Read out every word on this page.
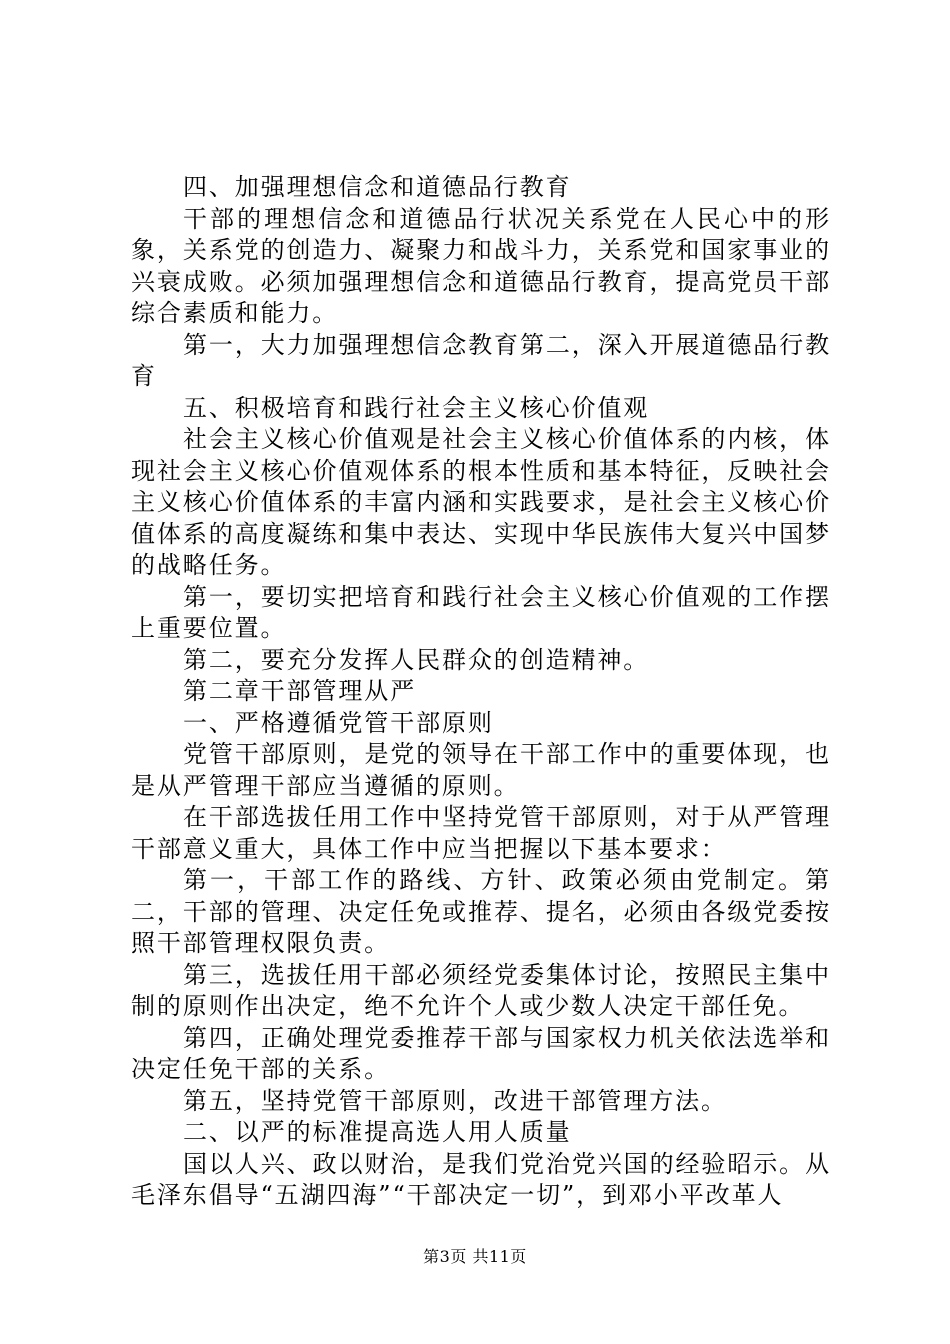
四、加强理想信念和道德品行教育

干部的理想信念和道德品行状况关系党在人民心中的形象，关系党的创造力、凝聚力和战斗力，关系党和国家事业的兴衰成败。必须加强理想信念和道德品行教育，提高党员干部综合素质和能力。

第一，大力加强理想信念教育第二，深入开展道德品行教育

五、积极培育和践行社会主义核心价值观

社会主义核心价值观是社会主义核心价值体系的内核，体现社会主义核心价值观体系的根本性质和基本特征，反映社会主义核心价值体系的丰富内涵和实践要求，是社会主义核心价值体系的高度凝练和集中表达、实现中华民族伟大复兴中国梦的战略任务。

第一，要切实把培育和践行社会主义核心价值观的工作摆上重要位置。

第二，要充分发挥人民群众的创造精神。

第二章干部管理从严

一、严格遵循党管干部原则

党管干部原则，是党的领导在干部工作中的重要体现，也是从严管理干部应当遵循的原则。

在干部选拔任用工作中坚持党管干部原则，对于从严管理干部意义重大，具体工作中应当把握以下基本要求：

第一，干部工作的路线、方针、政策必须由党制定。第二，干部的管理、决定任免或推荐、提名，必须由各级党委按照干部管理权限负责。

第三，选拔任用干部必须经党委集体讨论，按照民主集中制的原则作出决定，绝不允许个人或少数人决定干部任免。

第四，正确处理党委推荐干部与国家权力机关依法选举和决定任免干部的关系。

第五，坚持党管干部原则，改进干部管理方法。

二、以严的标准提高选人用人质量

国以人兴、政以财治，是我们党治党兴国的经验昭示。从毛泽东倡导“五湖四海”“干部决定一切”，到邓小平改革人

第3页 共11页
